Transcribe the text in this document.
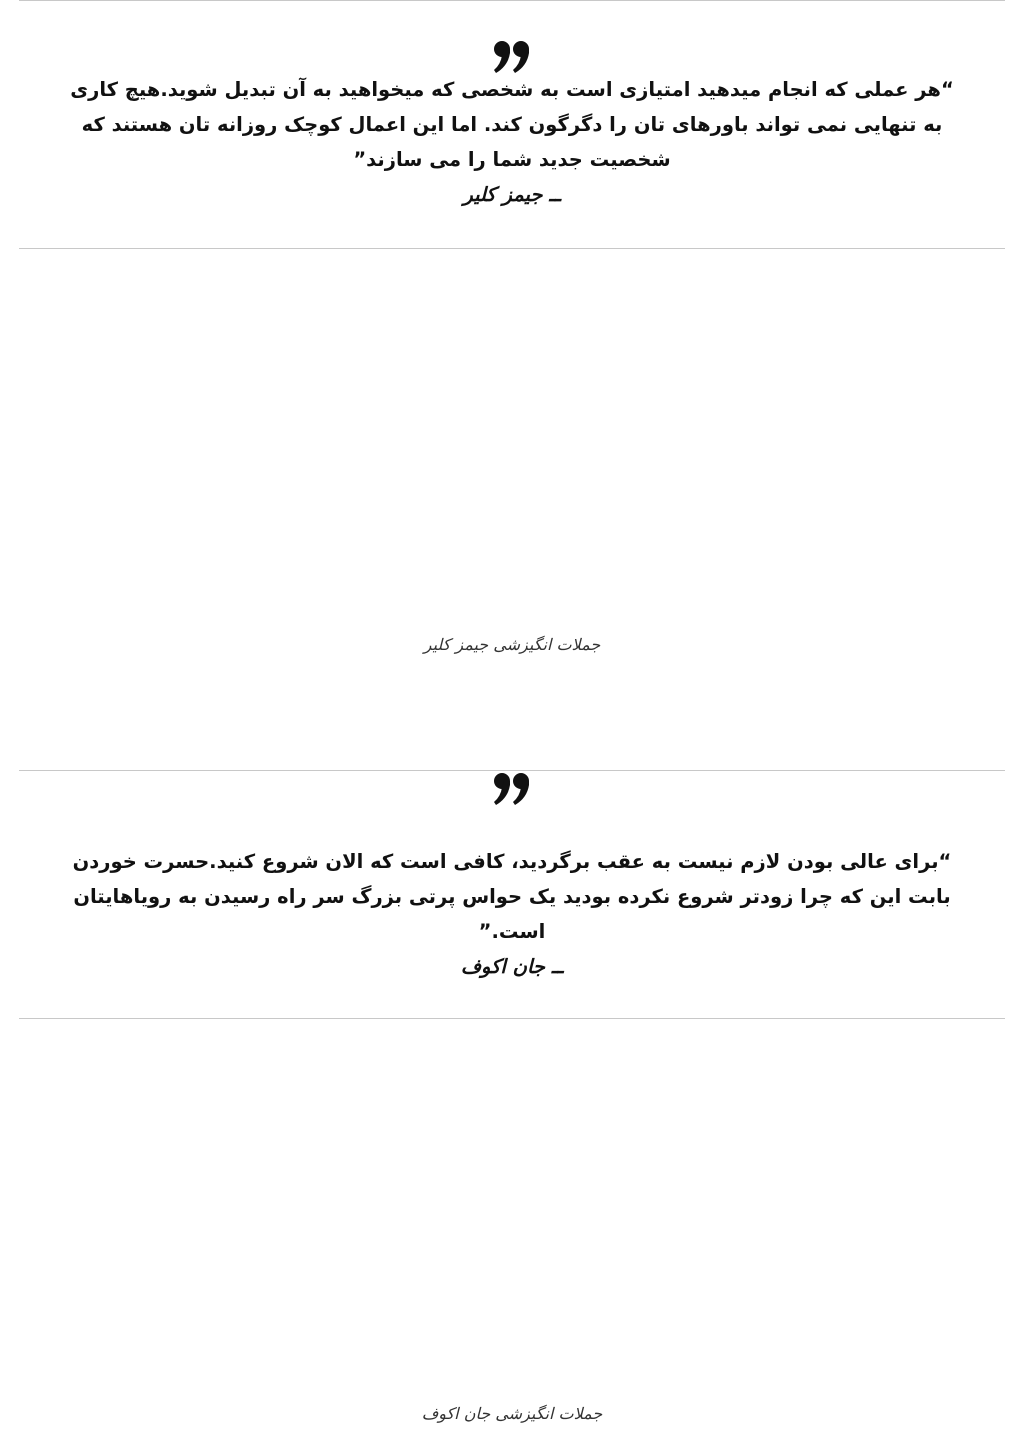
“هر عملی که انجام میدهید امتیازی است به شخصی که میخواهید به آن تبدیل شوید.هیچ کاری به تنهایی نمی تواند باورهای تان را دگرگون کند. اما این اعمال کوچک روزانه تان هستند که شخصیت جدید شما را می سازند”

ــ جیمز کلیر

جملات انگیزشی جیمز کلیر

“برای عالی بودن لازم نیست به عقب برگردید، کافی است که الان شروع کنید.حسرت خوردن بابت این که چرا زودتر شروع نکرده بودید یک حواس پرتی بزرگ سر راه رسیدن به رویاهایتان است.”

ــ جان اکوف

جملات انگیزشی جان اکوف
